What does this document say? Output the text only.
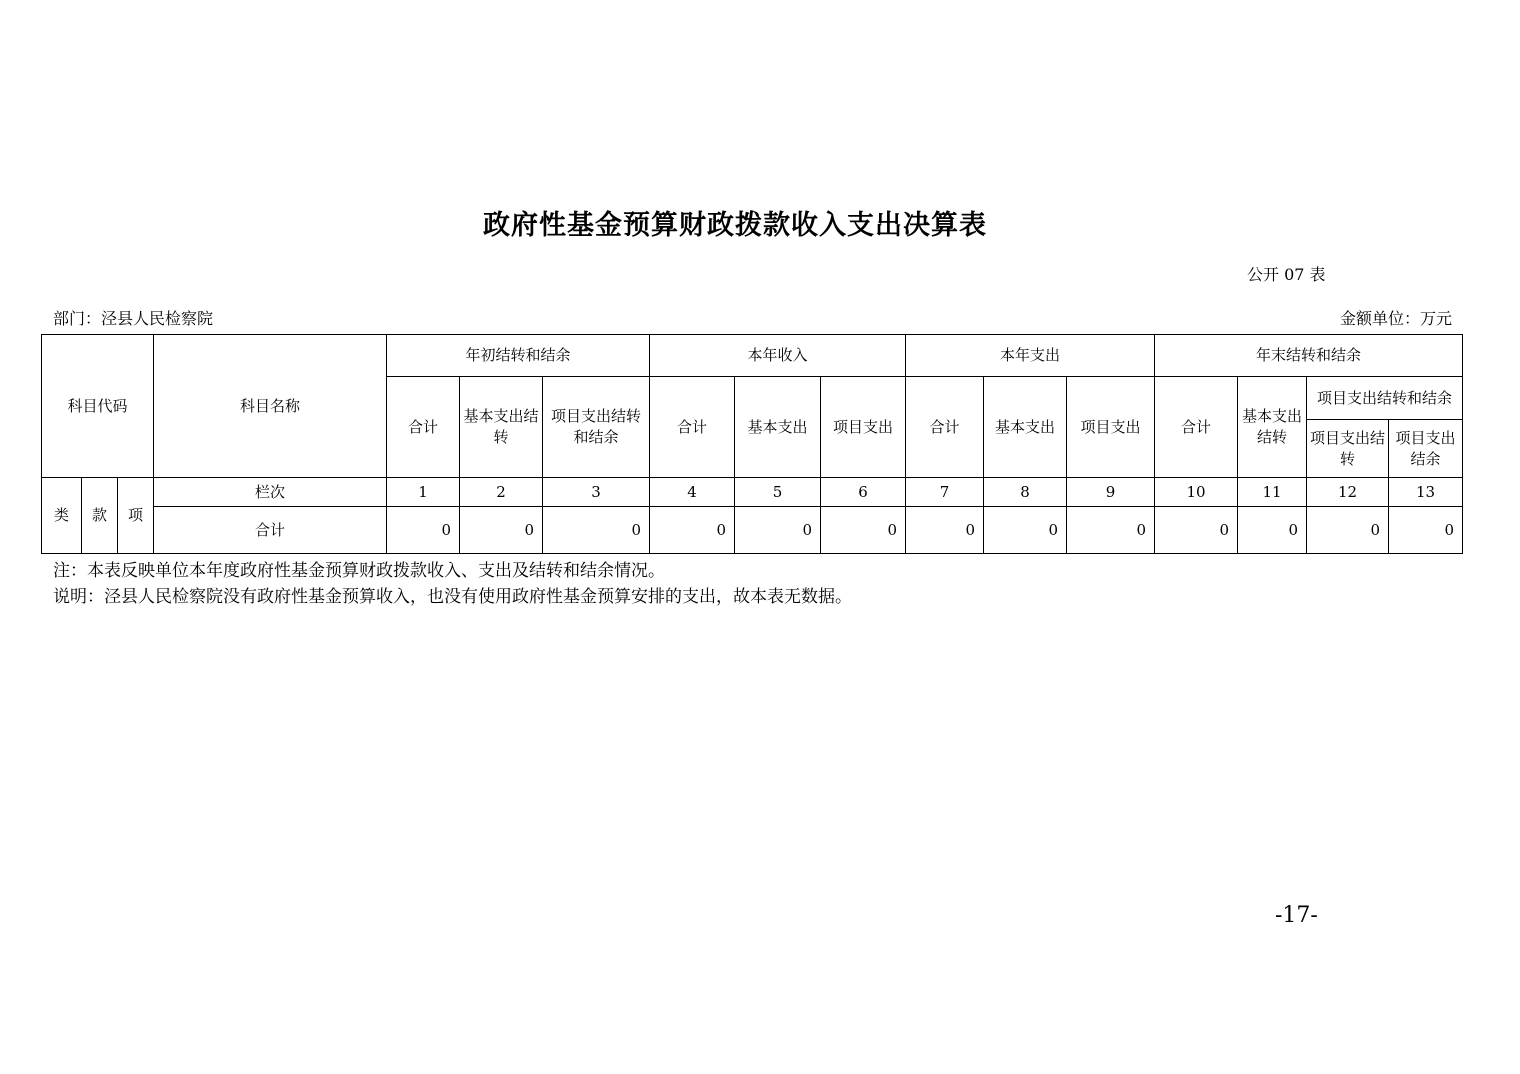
政府性基金预算财政拨款收入支出决算表
公开 07 表
部门：泾县人民检察院	金额单位：万元
科目代码			科目名称	年初结转和结余			本年收入			本年支出			年末结转和结余			
				合计	基本支出结转	项目支出结转和结余	合计	基本支出	项目支出	合计	基本支出	项目支出	合计	基本支出结转	项目支出结转和结余	
															项目支出结转	项目支出结余
类	款	项	栏次	1	2	3	4	5	6	7	8	9	10	11	12	13
			合计	0	0	0	0	0	0	0	0	0	0	0	0	0
注：本表反映单位本年度政府性基金预算财政拨款收入、支出及结转和结余情况。
说明：泾县人民检察院没有政府性基金预算收入，也没有使用政府性基金预算安排的支出，故本表无数据。
-17-
